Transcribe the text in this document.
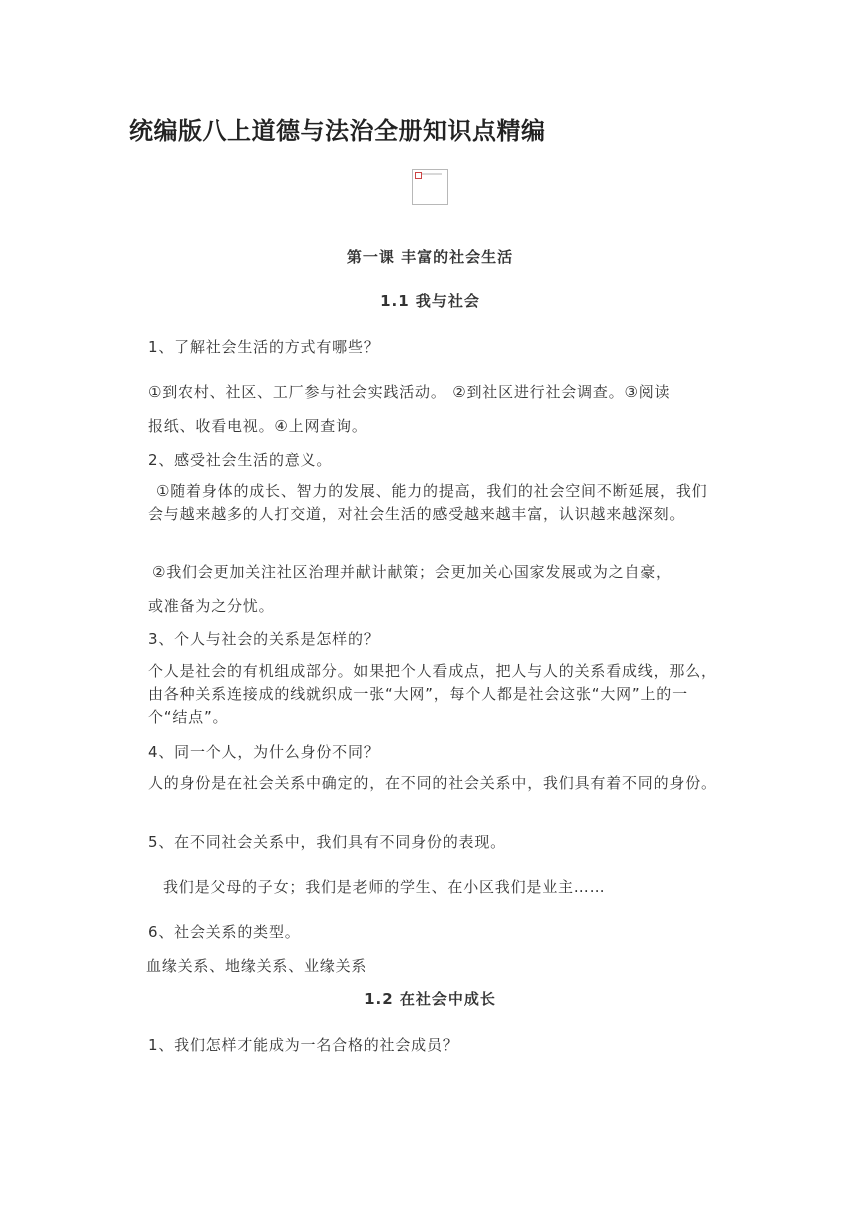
统编版八上道德与法治全册知识点精编
第一课 丰富的社会生活
1.1 我与社会
1、了解社会生活的方式有哪些？
①到农村、社区、工厂参与社会实践活动。 ②到社区进行社会调查。③阅读
报纸、收看电视。④上网查询。
2、感受社会生活的意义。
①随着身体的成长、智力的发展、能力的提高，我们的社会空间不断延展，我们会与越来越多的人打交道，对社会生活的感受越来越丰富，认识越来越深刻。
②我们会更加关注社区治理并献计献策；会更加关心国家发展或为之自豪，
或准备为之分忧。
3、个人与社会的关系是怎样的？
个人是社会的有机组成部分。如果把个人看成点，把人与人的关系看成线，那么，由各种关系连接成的线就织成一张“大网”，每个人都是社会这张“大网”上的一个“结点”。
4、同一个人，为什么身份不同？
人的身份是在社会关系中确定的，在不同的社会关系中，我们具有着不同的身份。
5、在不同社会关系中，我们具有不同身份的表现。
我们是父母的子女；我们是老师的学生、在小区我们是业主……
6、社会关系的类型。
血缘关系、地缘关系、业缘关系
1.2 在社会中成长
1、我们怎样才能成为一名合格的社会成员？
